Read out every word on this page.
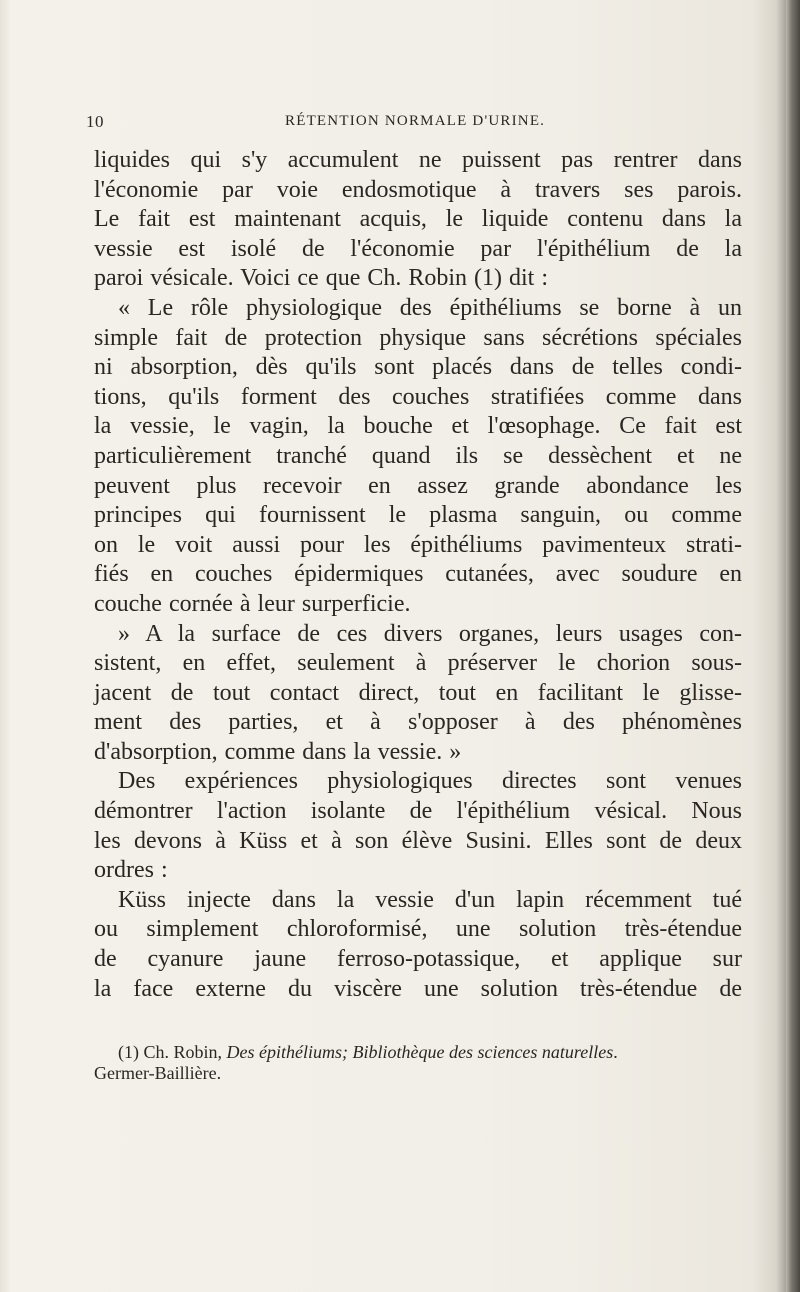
10	RÉTENTION NORMALE D'URINE.
liquides qui s'y accumulent ne puissent pas rentrer dans
l'économie par voie endosmotique à travers ses parois.
Le fait est maintenant acquis, le liquide contenu dans la
vessie est isolé de l'économie par l'épithélium de la
paroi vésicale. Voici ce que Ch. Robin (1) dit :
« Le rôle physiologique des épithéliums se borne à un
simple fait de protection physique sans sécrétions spéciales
ni absorption, dès qu'ils sont placés dans de telles condi-
tions, qu'ils forment des couches stratifiées comme dans
la vessie, le vagin, la bouche et l'œsophage. Ce fait est
particulièrement tranché quand ils se dessèchent et ne
peuvent plus recevoir en assez grande abondance les
principes qui fournissent le plasma sanguin, ou comme
on le voit aussi pour les épithéliums pavimenteux strati-
fiés en couches épidermiques cutanées, avec soudure en
couche cornée à leur surperficie.
» A la surface de ces divers organes, leurs usages con-
sistent, en effet, seulement à préserver le chorion sous-
jacent de tout contact direct, tout en facilitant le glisse-
ment des parties, et à s'opposer à des phénomènes
d'absorption, comme dans la vessie. »
Des expériences physiologiques directes sont venues
démontrer l'action isolante de l'épithélium vésical. Nous
les devons à Küss et à son élève Susini. Elles sont de deux
ordres :
Küss injecte dans la vessie d'un lapin récemment tué
ou simplement chloroformisé, une solution très-étendue
de cyanure jaune ferroso-potassique, et applique sur
la face externe du viscère une solution très-étendue de
(1) Ch. Robin, Des épithéliums; Bibliothèque des sciences naturelles.
Germer-Baillière.
